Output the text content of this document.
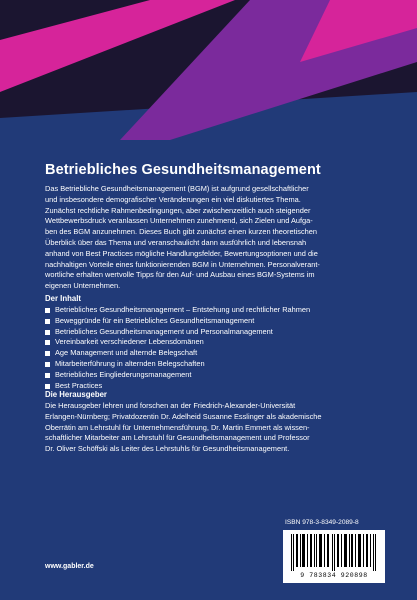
Betriebliches Gesundheitsmanagement
Das Betriebliche Gesundheitsmanagement (BGM) ist aufgrund gesellschaftlicher
und insbesondere demografischer Veränderungen ein viel diskutiertes Thema.
Zunächst rechtliche Rahmenbedingungen, aber zwischenzeitlich auch steigender
Wettbewerbsdruck veranlassen Unternehmen zunehmend, sich Zielen und Aufga-
ben des BGM anzunehmen. Dieses Buch gibt zunächst einen kurzen theoretischen
Überblick über das Thema und veranschaulicht dann ausführlich und lebensnah
anhand von Best Practices mögliche Handlungsfelder, Bewertungsoptionen und die
nachhaltigen Vorteile eines funktionierenden BGM in Unternehmen. Personalverant-
wortliche erhalten wertvolle Tipps für den Auf- und Ausbau eines BGM-Systems im
eigenen Unternehmen.
Der Inhalt
Betriebliches Gesundheitsmanagement – Entstehung und rechtlicher Rahmen
Beweggründe für ein Betriebliches Gesundheitsmanagement
Betriebliches Gesundheitsmanagement und Personalmanagement
Vereinbarkeit verschiedener Lebensdomänen
Age Management und alternde Belegschaft
Mitarbeiterführung in alternden Belegschaften
Betriebliches Eingliederungsmanagement
Best Practices
Die Herausgeber
Die Herausgeber lehren und forschen an der Friedrich-Alexander-Universität
Erlangen-Nürnberg; Privatdozentin Dr. Adelheid Susanne Esslinger als akademische
Oberrätin am Lehrstuhl für Unternehmensführung, Dr. Martin Emmert als wissen-
schaftlicher Mitarbeiter am Lehrstuhl für Gesundheitsmanagement und Professor
Dr. Oliver Schöffski als Leiter des Lehrstuhls für Gesundheitsmanagement.
ISBN 978-3-8349-2089-8
9 783834 920898
www.gabler.de
